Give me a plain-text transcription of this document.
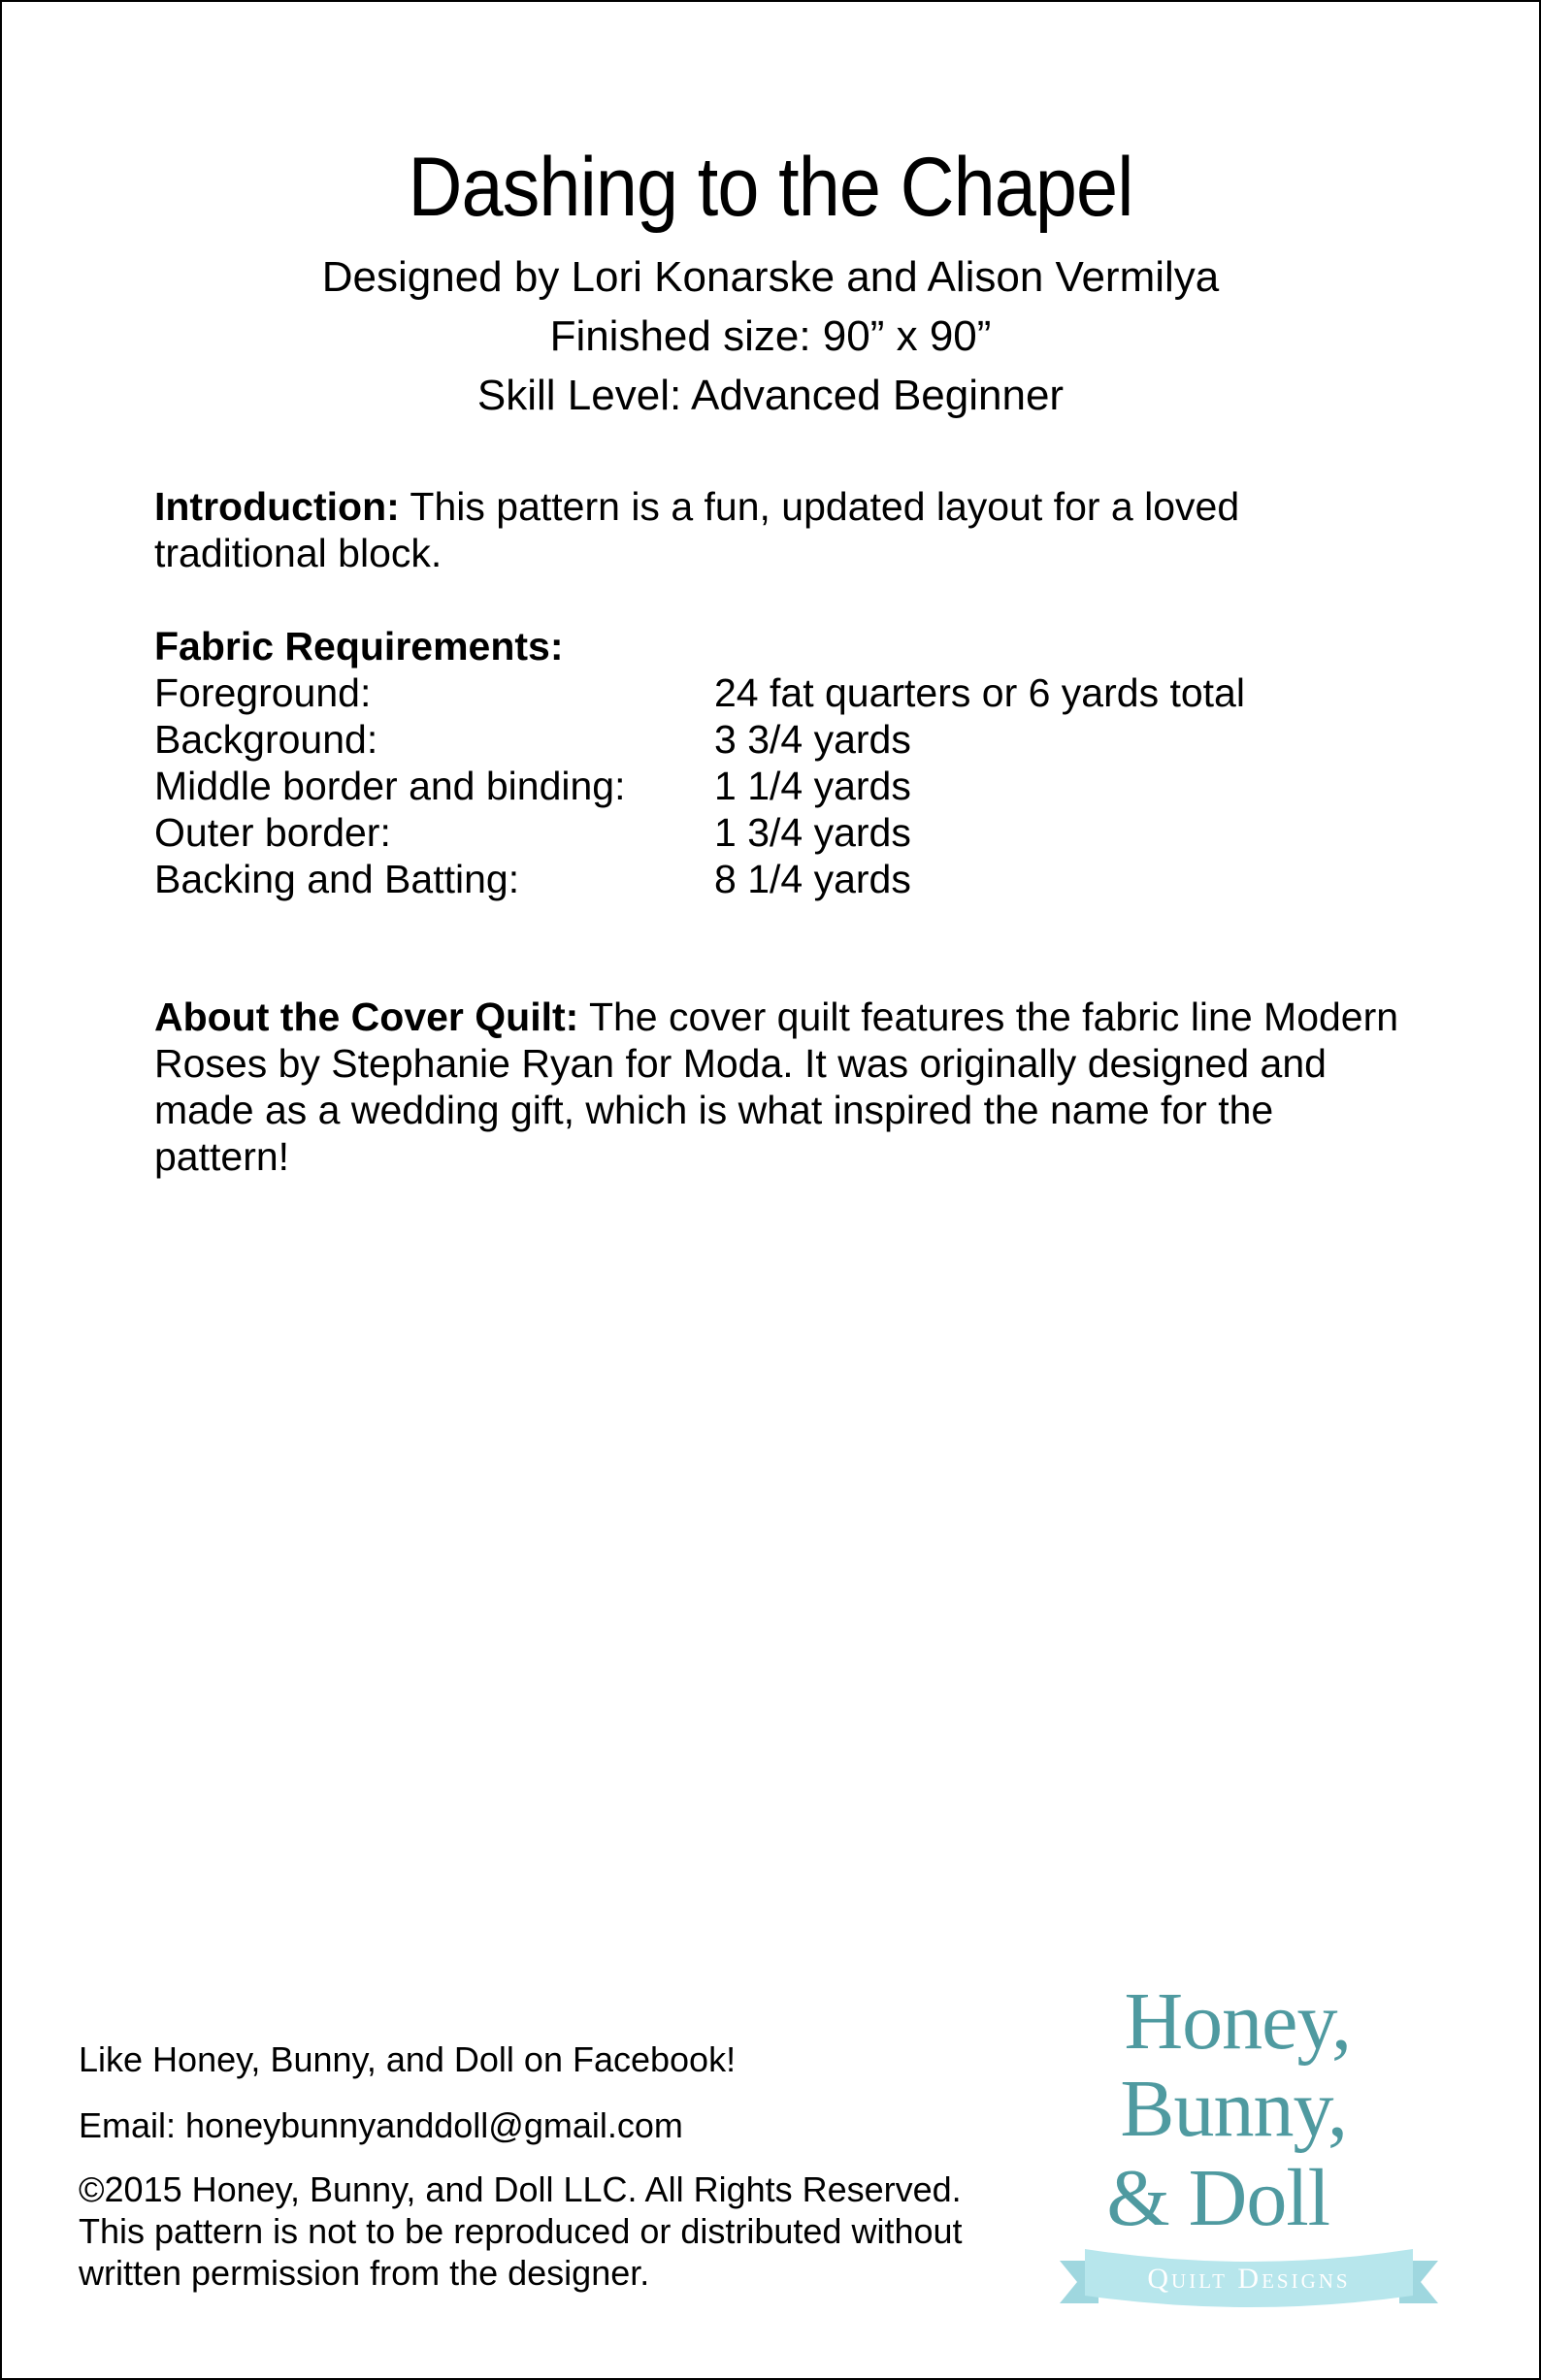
Dashing to the Chapel
Designed by Lori Konarske and Alison Vermilya
Finished size: 90” x 90”
Skill Level: Advanced Beginner
Introduction: This pattern is a fun, updated layout for a loved traditional block.
Fabric Requirements:
Foreground:	24 fat quarters or 6 yards total
Background:	3 3/4 yards
Middle border and binding: 1 1/4 yards
Outer border:	1 3/4 yards
Backing and Batting:	8 1/4 yards
About the Cover Quilt: The cover quilt features the fabric line Modern Roses by Stephanie Ryan for Moda. It was originally designed and made as a wedding gift, which is what inspired the name for the pattern!
Like Honey, Bunny, and Doll on Facebook!
Email: honeybunnyanddoll@gmail.com
©2015 Honey, Bunny, and Doll LLC. All Rights Reserved.
This pattern is not to be reproduced or distributed without
written permission from the designer.
Honey,
Bunny,
& Doll
Quilt Designs
